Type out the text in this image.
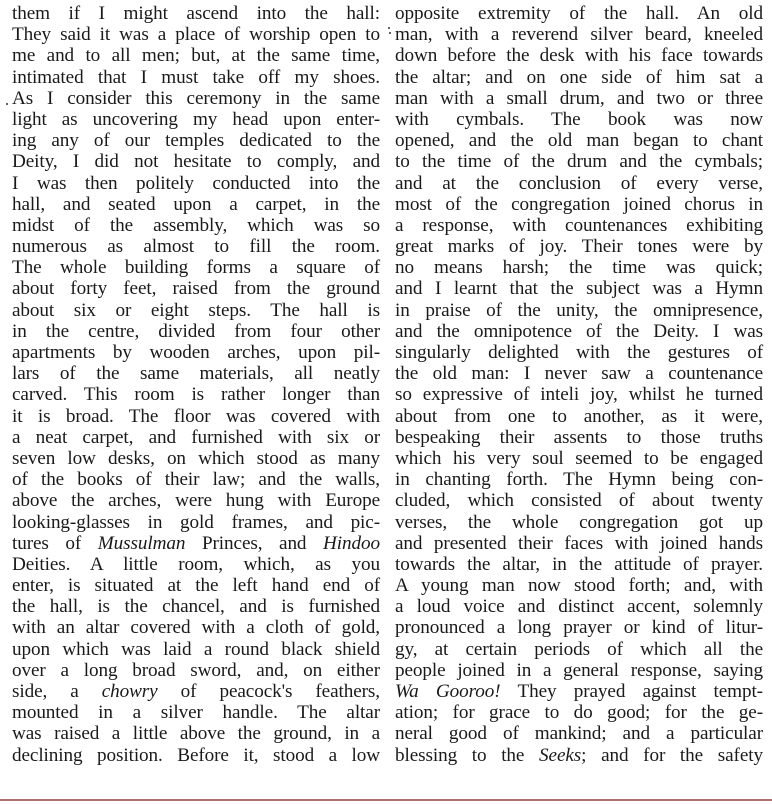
them if I might ascend into the hall:
They said it was a place of worship open to
me and to all men; but, at the same time,
intimated that I must take off my shoes.
As I consider this ceremony in the same
light as uncovering my head upon enter-
ing any of our temples dedicated to the
Deity, I did not hesitate to comply, and
I was then politely conducted into the
hall, and seated upon a carpet, in the
midst of the assembly, which was so
numerous as almost to fill the room.
The whole building forms a square of
about forty feet, raised from the ground
about six or eight steps. The hall is
in the centre, divided from four other
apartments by wooden arches, upon pil-
lars of the same materials, all neatly
carved. This room is rather longer than
it is broad. The floor was covered with
a neat carpet, and furnished with six or
seven low desks, on which stood as many
of the books of their law; and the walls,
above the arches, were hung with Europe
looking-glasses in gold frames, and pic-
tures of Mussulman Princes, and Hindoo
Deities. A little room, which, as you
enter, is situated at the left hand end of
the hall, is the chancel, and is furnished
with an altar covered with a cloth of gold,
upon which was laid a round black shield
over a long broad sword, and, on either
side, a chowry of peacock's feathers,
mounted in a silver handle. The altar
was raised a little above the ground, in a
declining position. Before it, stood a low
opposite extremity of the hall. An old
man, with a reverend silver beard, kneeled
down before the desk with his face towards
the altar; and on one side of him sat a
man with a small drum, and two or three
with cymbals. The book was now
opened, and the old man began to chant
to the time of the drum and the cymbals;
and at the conclusion of every verse,
most of the congregation joined chorus in
a response, with countenances exhibiting
great marks of joy. Their tones were by
no means harsh; the time was quick;
and I learnt that the subject was a Hymn
in praise of the unity, the omnipresence,
and the omnipotence of the Deity. I was
singularly delighted with the gestures of
the old man: I never saw a countenance
so expressive of inteli joy, whilst he turned
about from one to another, as it were,
bespeaking their assents to those truths
which his very soul seemed to be engaged
in chanting forth. The Hymn being con-
cluded, which consisted of about twenty
verses, the whole congregation got up
and presented their faces with joined hands
towards the altar, in the attitude of prayer.
A young man now stood forth; and, with
a loud voice and distinct accent, solemnly
pronounced a long prayer or kind of litur-
gy, at certain periods of which all the
people joined in a general response, saying
Wa Gooroo! They prayed against tempt-
ation; for grace to do good; for the ge-
neral good of mankind; and a particular
blessing to the Seeks; and for the safety
